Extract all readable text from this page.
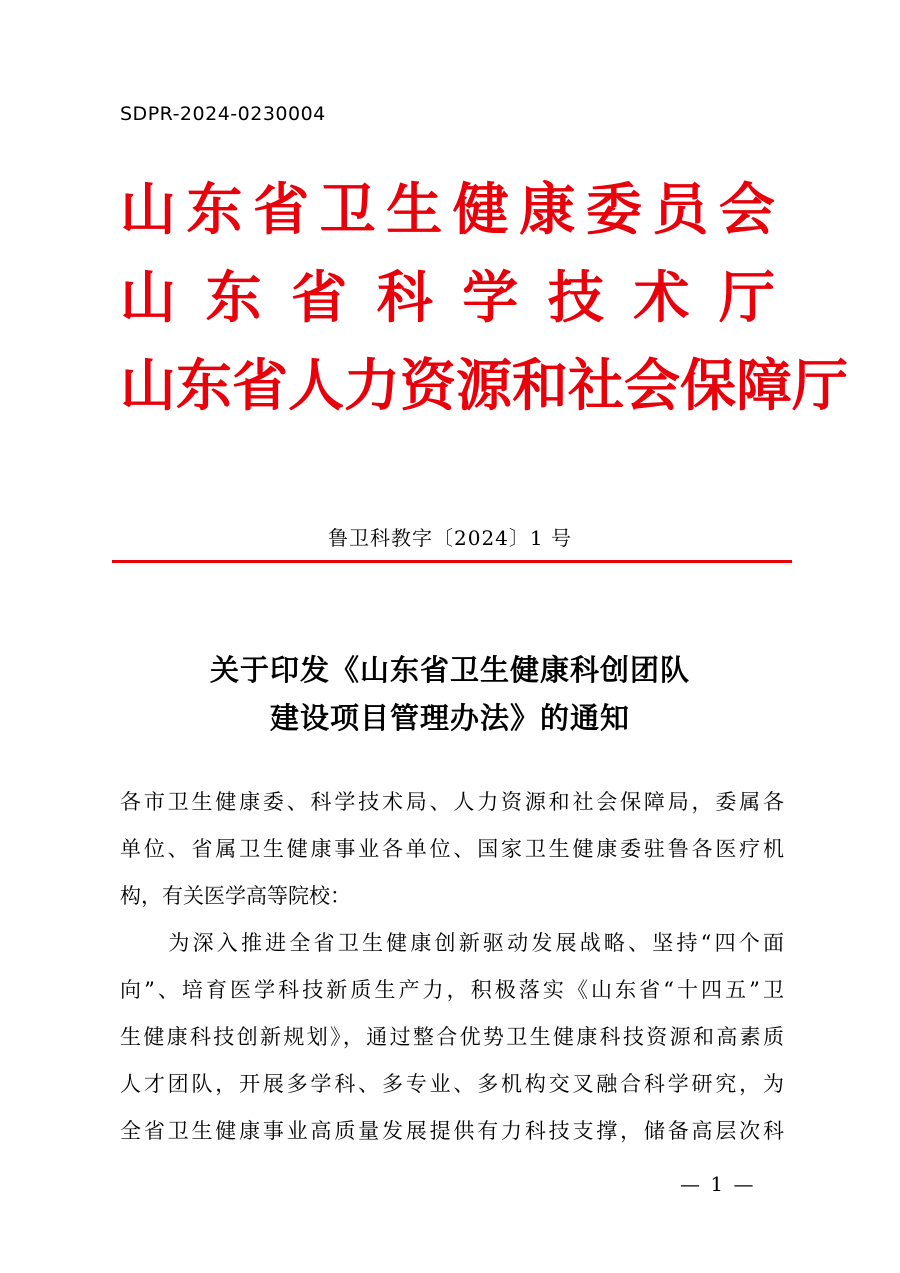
SDPR-2024-0230004
山 东 省 卫 生 健 康 委 员 会
山 东 省 科 学 技 术 厅
山 东 省 人 力 资 源 和 社 会 保 障 厅
鲁卫科教字〔2024〕1 号
关于印发《山东省卫生健康科创团队
建设项目管理办法》的通知
各市卫生健康委、科学技术局、人力资源和社会保障局，委属各
单位、省属卫生健康事业各单位、国家卫生健康委驻鲁各医疗机
构，有关医学高等院校：
　　为深入推进全省卫生健康创新驱动发展战略、坚持“四个面
向”、培育医学科技新质生产力，积极落实《山东省“十四五”卫
生健康科技创新规划》，通过整合优势卫生健康科技资源和高素质
人才团队，开展多学科、多专业、多机构交叉融合科学研究，为
全省卫生健康事业高质量发展提供有力科技支撑，储备高层次科
— 1 —
